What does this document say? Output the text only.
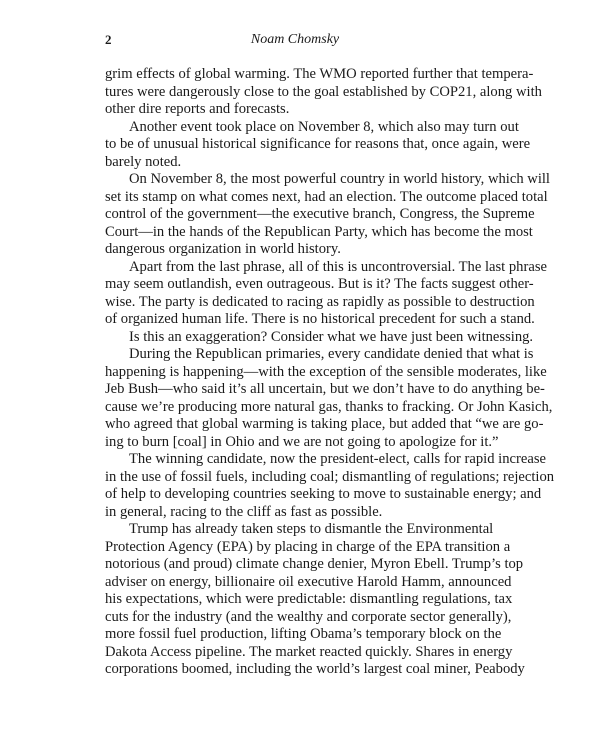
2	Noam Chomsky
grim effects of global warming. The WMO reported further that tempera-
tures were dangerously close to the goal established by COP21, along with
other dire reports and forecasts.
Another event took place on November 8, which also may turn out
to be of unusual historical significance for reasons that, once again, were
barely noted.
On November 8, the most powerful country in world history, which will
set its stamp on what comes next, had an election. The outcome placed total
control of the government—the executive branch, Congress, the Supreme
Court—in the hands of the Republican Party, which has become the most
dangerous organization in world history.
Apart from the last phrase, all of this is uncontroversial. The last phrase
may seem outlandish, even outrageous. But is it? The facts suggest other-
wise. The party is dedicated to racing as rapidly as possible to destruction
of organized human life. There is no historical precedent for such a stand.
Is this an exaggeration? Consider what we have just been witnessing.
During the Republican primaries, every candidate denied that what is
happening is happening—with the exception of the sensible moderates, like
Jeb Bush—who said it’s all uncertain, but we don’t have to do anything be-
cause we’re producing more natural gas, thanks to fracking. Or John Kasich,
who agreed that global warming is taking place, but added that “we are go-
ing to burn [coal] in Ohio and we are not going to apologize for it.”
The winning candidate, now the president-elect, calls for rapid increase
in the use of fossil fuels, including coal; dismantling of regulations; rejection
of help to developing countries seeking to move to sustainable energy; and
in general, racing to the cliff as fast as possible.
Trump has already taken steps to dismantle the Environmental
Protection Agency (EPA) by placing in charge of the EPA transition a
notorious (and proud) climate change denier, Myron Ebell. Trump’s top
adviser on energy, billionaire oil executive Harold Hamm, announced
his expectations, which were predictable: dismantling regulations, tax
cuts for the industry (and the wealthy and corporate sector generally),
more fossil fuel production, lifting Obama’s temporary block on the
Dakota Access pipeline. The market reacted quickly. Shares in energy
corporations boomed, including the world’s largest coal miner, Peabody
